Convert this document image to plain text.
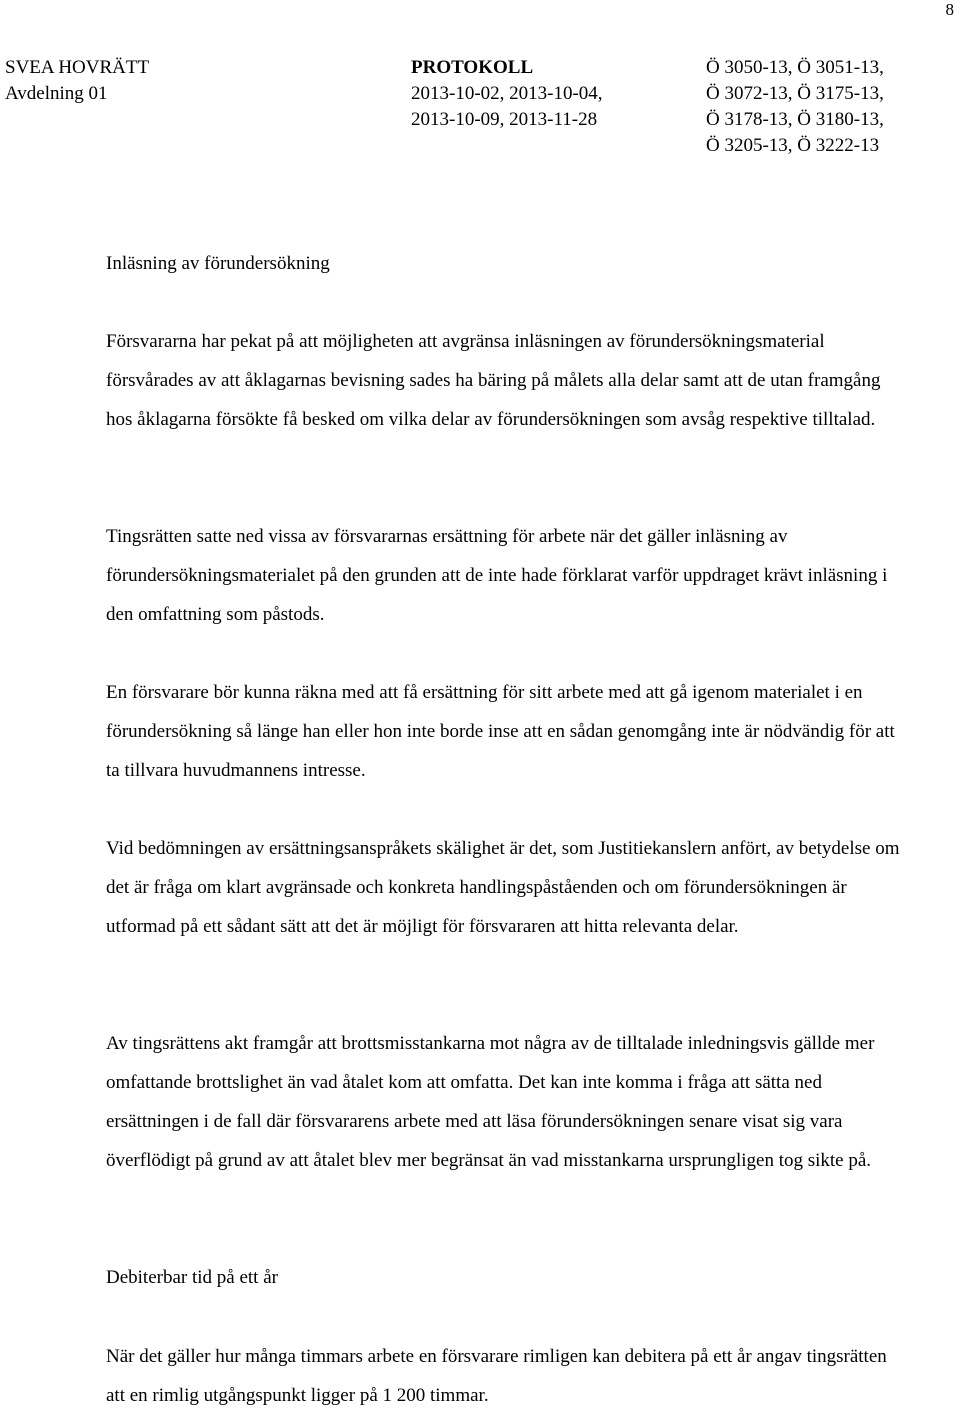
8
SVEA HOVRÄTT
Avdelning 01
PROTOKOLL
2013-10-02, 2013-10-04,
2013-10-09, 2013-11-28
Ö 3050-13, Ö 3051-13,
Ö 3072-13, Ö 3175-13,
Ö 3178-13, Ö 3180-13,
Ö 3205-13, Ö 3222-13
Inläsning av förundersökning

Försvararna har pekat på att möjligheten att avgränsa inläsningen av förundersökningsmaterial försvårades av att åklagarnas bevisning sades ha bäring på målets alla delar samt att de utan framgång hos åklagarna försökte få besked om vilka delar av förundersökningen som avsåg respektive tilltalad.

Tingsrätten satte ned vissa av försvararnas ersättning för arbete när det gäller inläsning av förundersökningsmaterialet på den grunden att de inte hade förklarat varför uppdraget krävt inläsning i den omfattning som påstods.

En försvarare bör kunna räkna med att få ersättning för sitt arbete med att gå igenom materialet i en förundersökning så länge han eller hon inte borde inse att en sådan genomgång inte är nödvändig för att ta tillvara huvudmannens intresse.

Vid bedömningen av ersättningsanspråkets skälighet är det, som Justitiekanslern anfört, av betydelse om det är fråga om klart avgränsade och konkreta handlingspåståenden och om förundersökningen är utformad på ett sådant sätt att det är möjligt för försvararen att hitta relevanta delar.

Av tingsrättens akt framgår att brottsmisstankarna mot några av de tilltalade inledningsvis gällde mer omfattande brottslighet än vad åtalet kom att omfatta. Det kan inte komma i fråga att sätta ned ersättningen i de fall där försvararens arbete med att läsa förundersökningen senare visat sig vara överflödigt på grund av att åtalet blev mer begränsat än vad misstankarna ursprungligen tog sikte på.

Debiterbar tid på ett år

När det gäller hur många timmars arbete en försvarare rimligen kan debitera på ett år angav tingsrätten att en rimlig utgångspunkt ligger på 1 200 timmar.
